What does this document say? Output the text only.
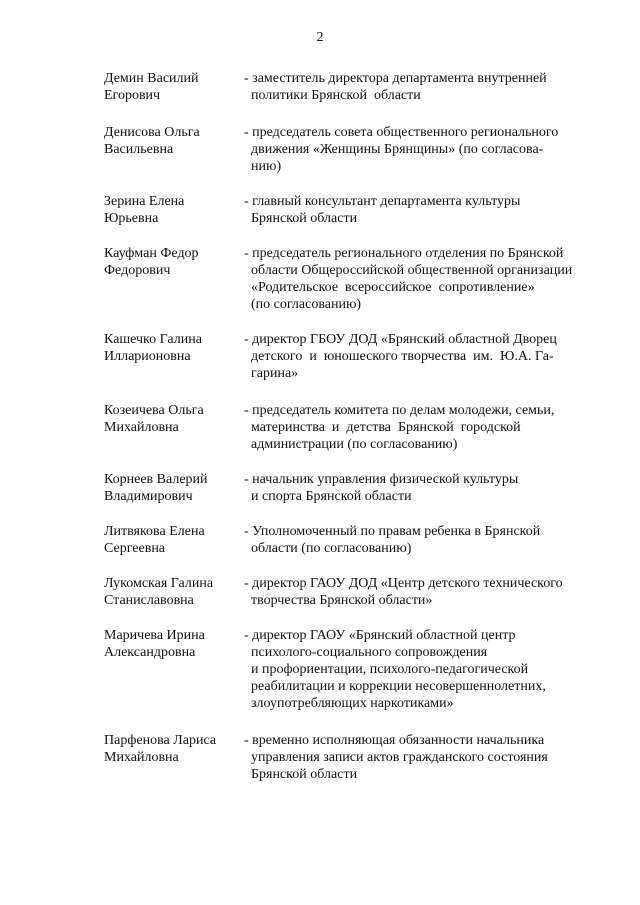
2
Демин Василий
Егорович
- заместитель директора департамента внутренней
политики Брянской  области
Денисова Ольга
Васильевна
- председатель совета общественного регионального
движения «Женщины Брянщины» (по согласова-
нию)
Зерина Елена
Юрьевна
- главный консультант департамента культуры
Брянской области
Кауфман Федор
Федорович
- председатель регионального отделения по Брянской
области Общероссийской общественной организации
«Родительское  всероссийское  сопротивление»
(по согласованию)
Кашечко Галина
Илларионовна
- директор ГБОУ ДОД «Брянский областной Дворец
детского  и  юношеского творчества  им.  Ю.А. Га-
гарина»
Козеичева Ольга
Михайловна
- председатель комитета по делам молодежи, семьи,
материнства  и  детства  Брянской  городской
администрации (по согласованию)
Корнеев Валерий
Владимирович
- начальник управления физической культуры
и спорта Брянской области
Литвякова Елена
Сергеевна
- Уполномоченный по правам ребенка в Брянской
области (по согласованию)
Лукомская Галина
Станиславовна
- директор ГАОУ ДОД «Центр детского технического
творчества Брянской области»
Маричева Ирина
Александровна
- директор ГАОУ «Брянский областной центр
психолого-социального сопровождения
и профориентации, психолого-педагогической
реабилитации и коррекции несовершеннолетних,
злоупотребляющих наркотиками»
Парфенова Лариса
Михайловна
- временно исполняющая обязанности начальника
управления записи актов гражданского состояния
Брянской области
